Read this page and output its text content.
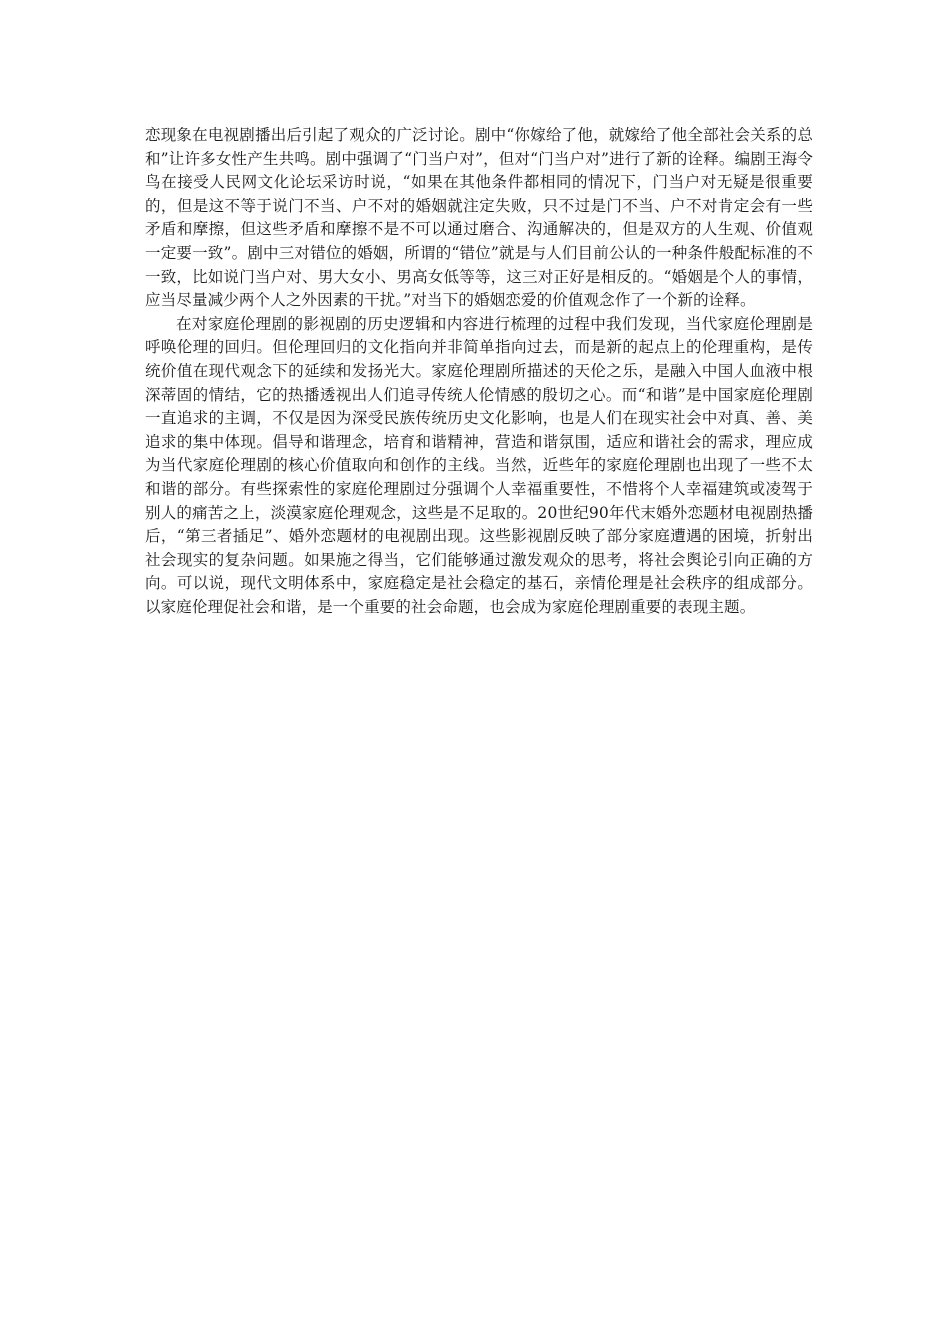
恋现象在电视剧播出后引起了观众的广泛讨论。剧中“你嫁给了他，就嫁给了他全部社会关系的总和”让许多女性产生共鸣。剧中强调了“门当户对”，但对“门当户对”进行了新的诠释。编剧王海令鸟在接受人民网文化论坛采访时说，“如果在其他条件都相同的情况下，门当户对无疑是很重要的，但是这不等于说门不当、户不对的婚姻就注定失败，只不过是门不当、户不对肯定会有一些矛盾和摩擦，但这些矛盾和摩擦不是不可以通过磨合、沟通解决的，但是双方的人生观、价值观一定要一致”。剧中三对错位的婚姻，所谓的“错位”就是与人们目前公认的一种条件般配标准的不一致，比如说门当户对、男大女小、男高女低等等，这三对正好是相反的。“婚姻是个人的事情，应当尽量减少两个人之外因素的干扰。”对当下的婚姻恋爱的价值观念作了一个新的诠释。

在对家庭伦理剧的影视剧的历史逻辑和内容进行梳理的过程中我们发现，当代家庭伦理剧是呼唤伦理的回归。但伦理回归的文化指向并非简单指向过去，而是新的起点上的伦理重构，是传统价值在现代观念下的延续和发扬光大。家庭伦理剧所描述的天伦之乐，是融入中国人血液中根深蒂固的情结，它的热播透视出人们追寻传统人伦情感的殷切之心。而“和谐”是中国家庭伦理剧一直追求的主调，不仅是因为深受民族传统历史文化影响，也是人们在现实社会中对真、善、美追求的集中体现。倡导和谐理念，培育和谐精神，营造和谐氛围，适应和谐社会的需求，理应成为当代家庭伦理剧的核心价值取向和创作的主线。当然，近些年的家庭伦理剧也出现了一些不太和谐的部分。有些探索性的家庭伦理剧过分强调个人幸福重要性，不惜将个人幸福建筑或凌驾于别人的痛苦之上，淡漠家庭伦理观念，这些是不足取的。20世纪90年代末婚外恋题材电视剧热播后，“第三者插足”、婚外恋题材的电视剧出现。这些影视剧反映了部分家庭遭遇的困境，折射出社会现实的复杂问题。如果施之得当，它们能够通过激发观众的思考，将社会舆论引向正确的方向。可以说，现代文明体系中，家庭稳定是社会稳定的基石，亲情伦理是社会秩序的组成部分。以家庭伦理促社会和谐，是一个重要的社会命题，也会成为家庭伦理剧重要的表现主题。
